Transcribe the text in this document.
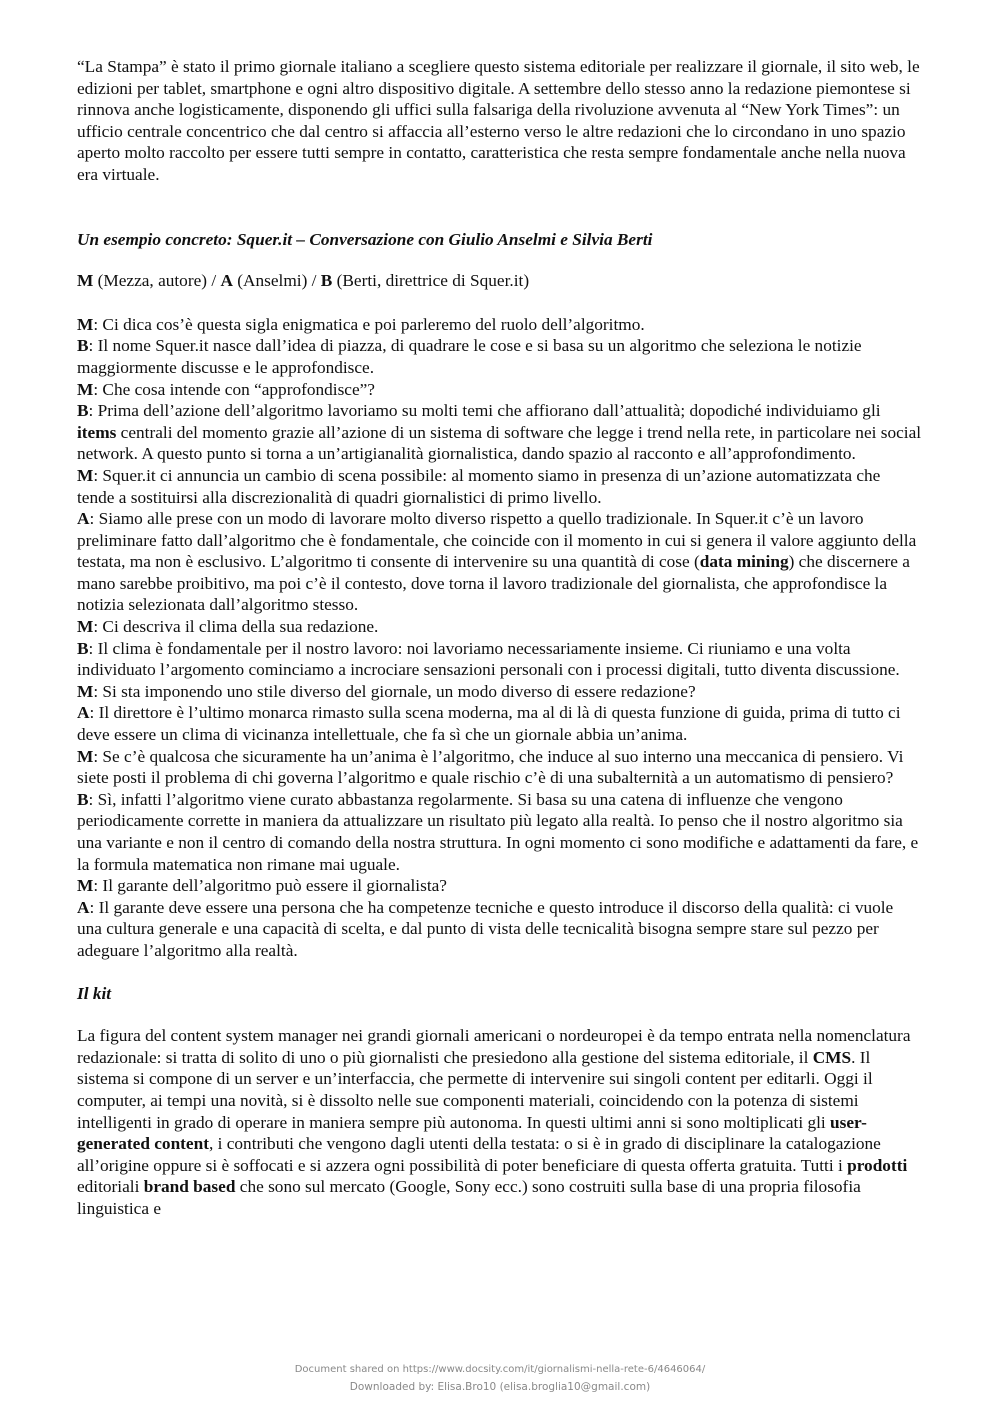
“La Stampa” è stato il primo giornale italiano a scegliere questo sistema editoriale per realizzare il giornale, il sito web, le edizioni per tablet, smartphone e ogni altro dispositivo digitale. A settembre dello stesso anno la redazione piemontese si rinnova anche logisticamente, disponendo gli uffici sulla falsariga della rivoluzione avvenuta al “New York Times”: un ufficio centrale concentrico che dal centro si affaccia all’esterno verso le altre redazioni che lo circondano in uno spazio aperto molto raccolto per essere tutti sempre in contatto, caratteristica che resta sempre fondamentale anche nella nuova era virtuale.

Un esempio concreto: Squer.it – Conversazione con Giulio Anselmi e Silvia Berti

M (Mezza, autore) / A (Anselmi) / B (Berti, direttrice di Squer.it)

M: Ci dica cos’è questa sigla enigmatica e poi parleremo del ruolo dell’algoritmo.

B: Il nome Squer.it nasce dall’idea di piazza, di quadrare le cose e si basa su un algoritmo che seleziona le notizie maggiormente discusse e le approfondisce.

M: Che cosa intende con “approfondisce”?

B: Prima dell’azione dell’algoritmo lavoriamo su molti temi che affiorano dall’attualità; dopodiché individuiamo gli items centrali del momento grazie all’azione di un sistema di software che legge i trend nella rete, in particolare nei social network. A questo punto si torna a un’artigianalità giornalistica, dando spazio al racconto e all’approfondimento.

M: Squer.it ci annuncia un cambio di scena possibile: al momento siamo in presenza di un’azione automatizzata che tende a sostituirsi alla discrezionalità di quadri giornalistici di primo livello.

A: Siamo alle prese con un modo di lavorare molto diverso rispetto a quello tradizionale. In Squer.it c’è un lavoro preliminare fatto dall’algoritmo che è fondamentale, che coincide con il momento in cui si genera il valore aggiunto della testata, ma non è esclusivo. L’algoritmo ti consente di intervenire su una quantità di cose (data mining) che discernere a mano sarebbe proibitivo, ma poi c’è il contesto, dove torna il lavoro tradizionale del giornalista, che approfondisce la notizia selezionata dall’algoritmo stesso.

M: Ci descriva il clima della sua redazione.

B: Il clima è fondamentale per il nostro lavoro: noi lavoriamo necessariamente insieme. Ci riuniamo e una volta individuato l’argomento cominciamo a incrociare sensazioni personali con i processi digitali, tutto diventa discussione.

M: Si sta imponendo uno stile diverso del giornale, un modo diverso di essere redazione?

A: Il direttore è l’ultimo monarca rimasto sulla scena moderna, ma al di là di questa funzione di guida, prima di tutto ci deve essere un clima di vicinanza intellettuale, che fa sì che un giornale abbia un’anima.

M: Se c’è qualcosa che sicuramente ha un’anima è l’algoritmo, che induce al suo interno una meccanica di pensiero. Vi siete posti il problema di chi governa l’algoritmo e quale rischio c’è di una subalternità a un automatismo di pensiero?

B: Sì, infatti l’algoritmo viene curato abbastanza regolarmente. Si basa su una catena di influenze che vengono periodicamente corrette in maniera da attualizzare un risultato più legato alla realtà. Io penso che il nostro algoritmo sia una variante e non il centro di comando della nostra struttura. In ogni momento ci sono modifiche e adattamenti da fare, e la formula matematica non rimane mai uguale.

M: Il garante dell’algoritmo può essere il giornalista?

A: Il garante deve essere una persona che ha competenze tecniche e questo introduce il discorso della qualità: ci vuole una cultura generale e una capacità di scelta, e dal punto di vista delle tecnicalità bisogna sempre stare sul pezzo per adeguare l’algoritmo alla realtà.

Il kit

La figura del content system manager nei grandi giornali americani o nordeuropei è da tempo entrata nella nomenclatura redazionale: si tratta di solito di uno o più giornalisti che presiedono alla gestione del sistema editoriale, il CMS. Il sistema si compone di un server e un’interfaccia, che permette di intervenire sui singoli content per editarli. Oggi il computer, ai tempi una novità, si è dissolto nelle sue componenti materiali, coincidendo con la potenza di sistemi intelligenti in grado di operare in maniera sempre più autonoma. In questi ultimi anni si sono moltiplicati gli user-generated content, i contributi che vengono dagli utenti della testata: o si è in grado di disciplinare la catalogazione all’origine oppure si è soffocati e si azzera ogni possibilità di poter beneficiare di questa offerta gratuita. Tutti i prodotti editoriali brand based che sono sul mercato (Google, Sony ecc.) sono costruiti sulla base di una propria filosofia linguistica e

Document shared on https://www.docsity.com/it/giornalismi-nella-rete-6/4646064/
Downloaded by: Elisa.Bro10 (elisa.broglia10@gmail.com)
